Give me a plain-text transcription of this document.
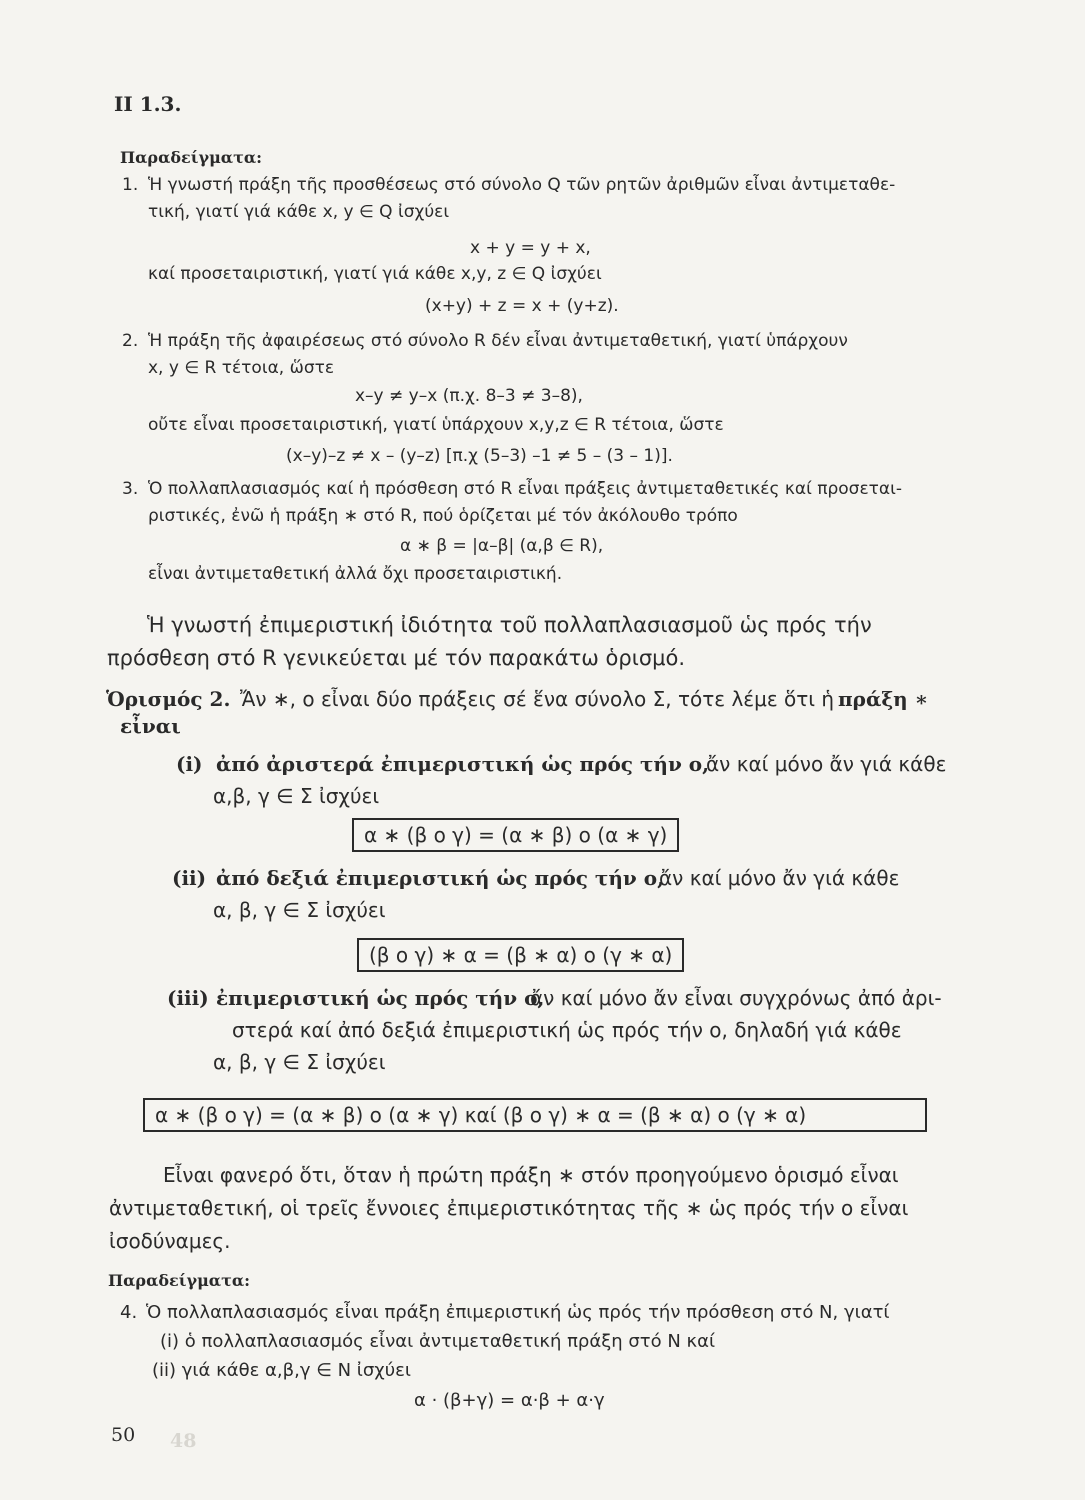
II 1.3.
Παραδείγματα:
1. Ἡ γνωστή πράξη τῆς προσθέσεως στό σύνολο Q τῶν ρητῶν ἀριθμῶν εἶναι ἀντιμεταθε-
τική, γιατί γιά κάθε x, y ∈ Q ἰσχύει
x + y = y + x,
καί προσεταιριστική, γιατί γιά κάθε x,y, z ∈ Q ἰσχύει
(x+y) + z = x + (y+z).
2. Ἡ πράξη τῆς ἀφαιρέσεως στό σύνολο R δέν εἶναι ἀντιμεταθετική, γιατί ὑπάρχουν
x, y ∈ R τέτοια, ὥστε
x–y ≠ y–x (π.χ. 8–3 ≠ 3–8),
οὔτε εἶναι προσεταιριστική, γιατί ὑπάρχουν x,y,z ∈ R τέτοια, ὥστε
(x–y)–z ≠ x – (y–z) [π.χ (5–3) –1 ≠ 5 – (3 – 1)].
3. Ὁ πολλαπλασιασμός καί ἡ πρόσθεση στό R εἶναι πράξεις ἀντιμεταθετικές καί προσεται-
ριστικές, ἐνῶ ἡ πράξη ∗ στό R, πού ὁρίζεται μέ τόν ἀκόλουθο τρόπο
α ∗ β = |α–β| (α,β ∈ R),
εἶναι ἀντιμεταθετική ἀλλά ὄχι προσεταιριστική.
Ἡ γνωστή ἐπιμεριστική ἰδιότητα τοῦ πολλαπλασιασμοῦ ὡς πρός τήν
πρόσθεση στό R γενικεύεται μέ τόν παρακάτω ὁρισμό.
Ὁρισμός 2. Ἄν ∗, ο εἶναι δύο πράξεις σέ ἕνα σύνολο Σ, τότε λέμε ὅτι ἡ πράξη ∗
εἶναι
(i) ἀπό ἀριστερά ἐπιμεριστική ὡς πρός τήν ο,
ἄν καί μόνο ἄν γιά κάθε
α,β, γ ∈ Σ ἰσχύει
α ∗ (β ο γ) = (α ∗ β) ο (α ∗ γ)
(ii) ἀπό δεξιά ἐπιμεριστική ὡς πρός τήν ο,
ἄν καί μόνο ἄν γιά κάθε
α, β, γ ∈ Σ ἰσχύει
(β ο γ) ∗ α = (β ∗ α) ο (γ ∗ α)
(iii) ἐπιμεριστική ὡς πρός τήν ο,
ἄν καί μόνο ἄν εἶναι συγχρόνως ἀπό ἀρι-
στερά καί ἀπό δεξιά ἐπιμεριστική ὡς πρός τήν ο, δηλαδή γιά κάθε
α, β, γ ∈ Σ ἰσχύει
α ∗ (β ο γ) = (α ∗ β) ο (α ∗ γ) καί (β ο γ) ∗ α = (β ∗ α) ο (γ ∗ α)
Εἶναι φανερό ὅτι, ὅταν ἡ πρώτη πράξη ∗ στόν προηγούμενο ὁρισμό εἶναι
ἀντιμεταθετική, οἱ τρεῖς ἔννοιες ἐπιμεριστικότητας τῆς ∗ ὡς πρός τήν ο εἶναι
ἰσοδύναμες.
Παραδείγματα:
4. Ὁ πολλαπλασιασμός εἶναι πράξη ἐπιμεριστική ὡς πρός τήν πρόσθεση στό N, γιατί
(i) ὁ πολλαπλασιασμός εἶναι ἀντιμεταθετική πράξη στό N καί
(ii) γιά κάθε α,β,γ ∈ N ἰσχύει
α · (β+γ) = α·β + α·γ
50 48
